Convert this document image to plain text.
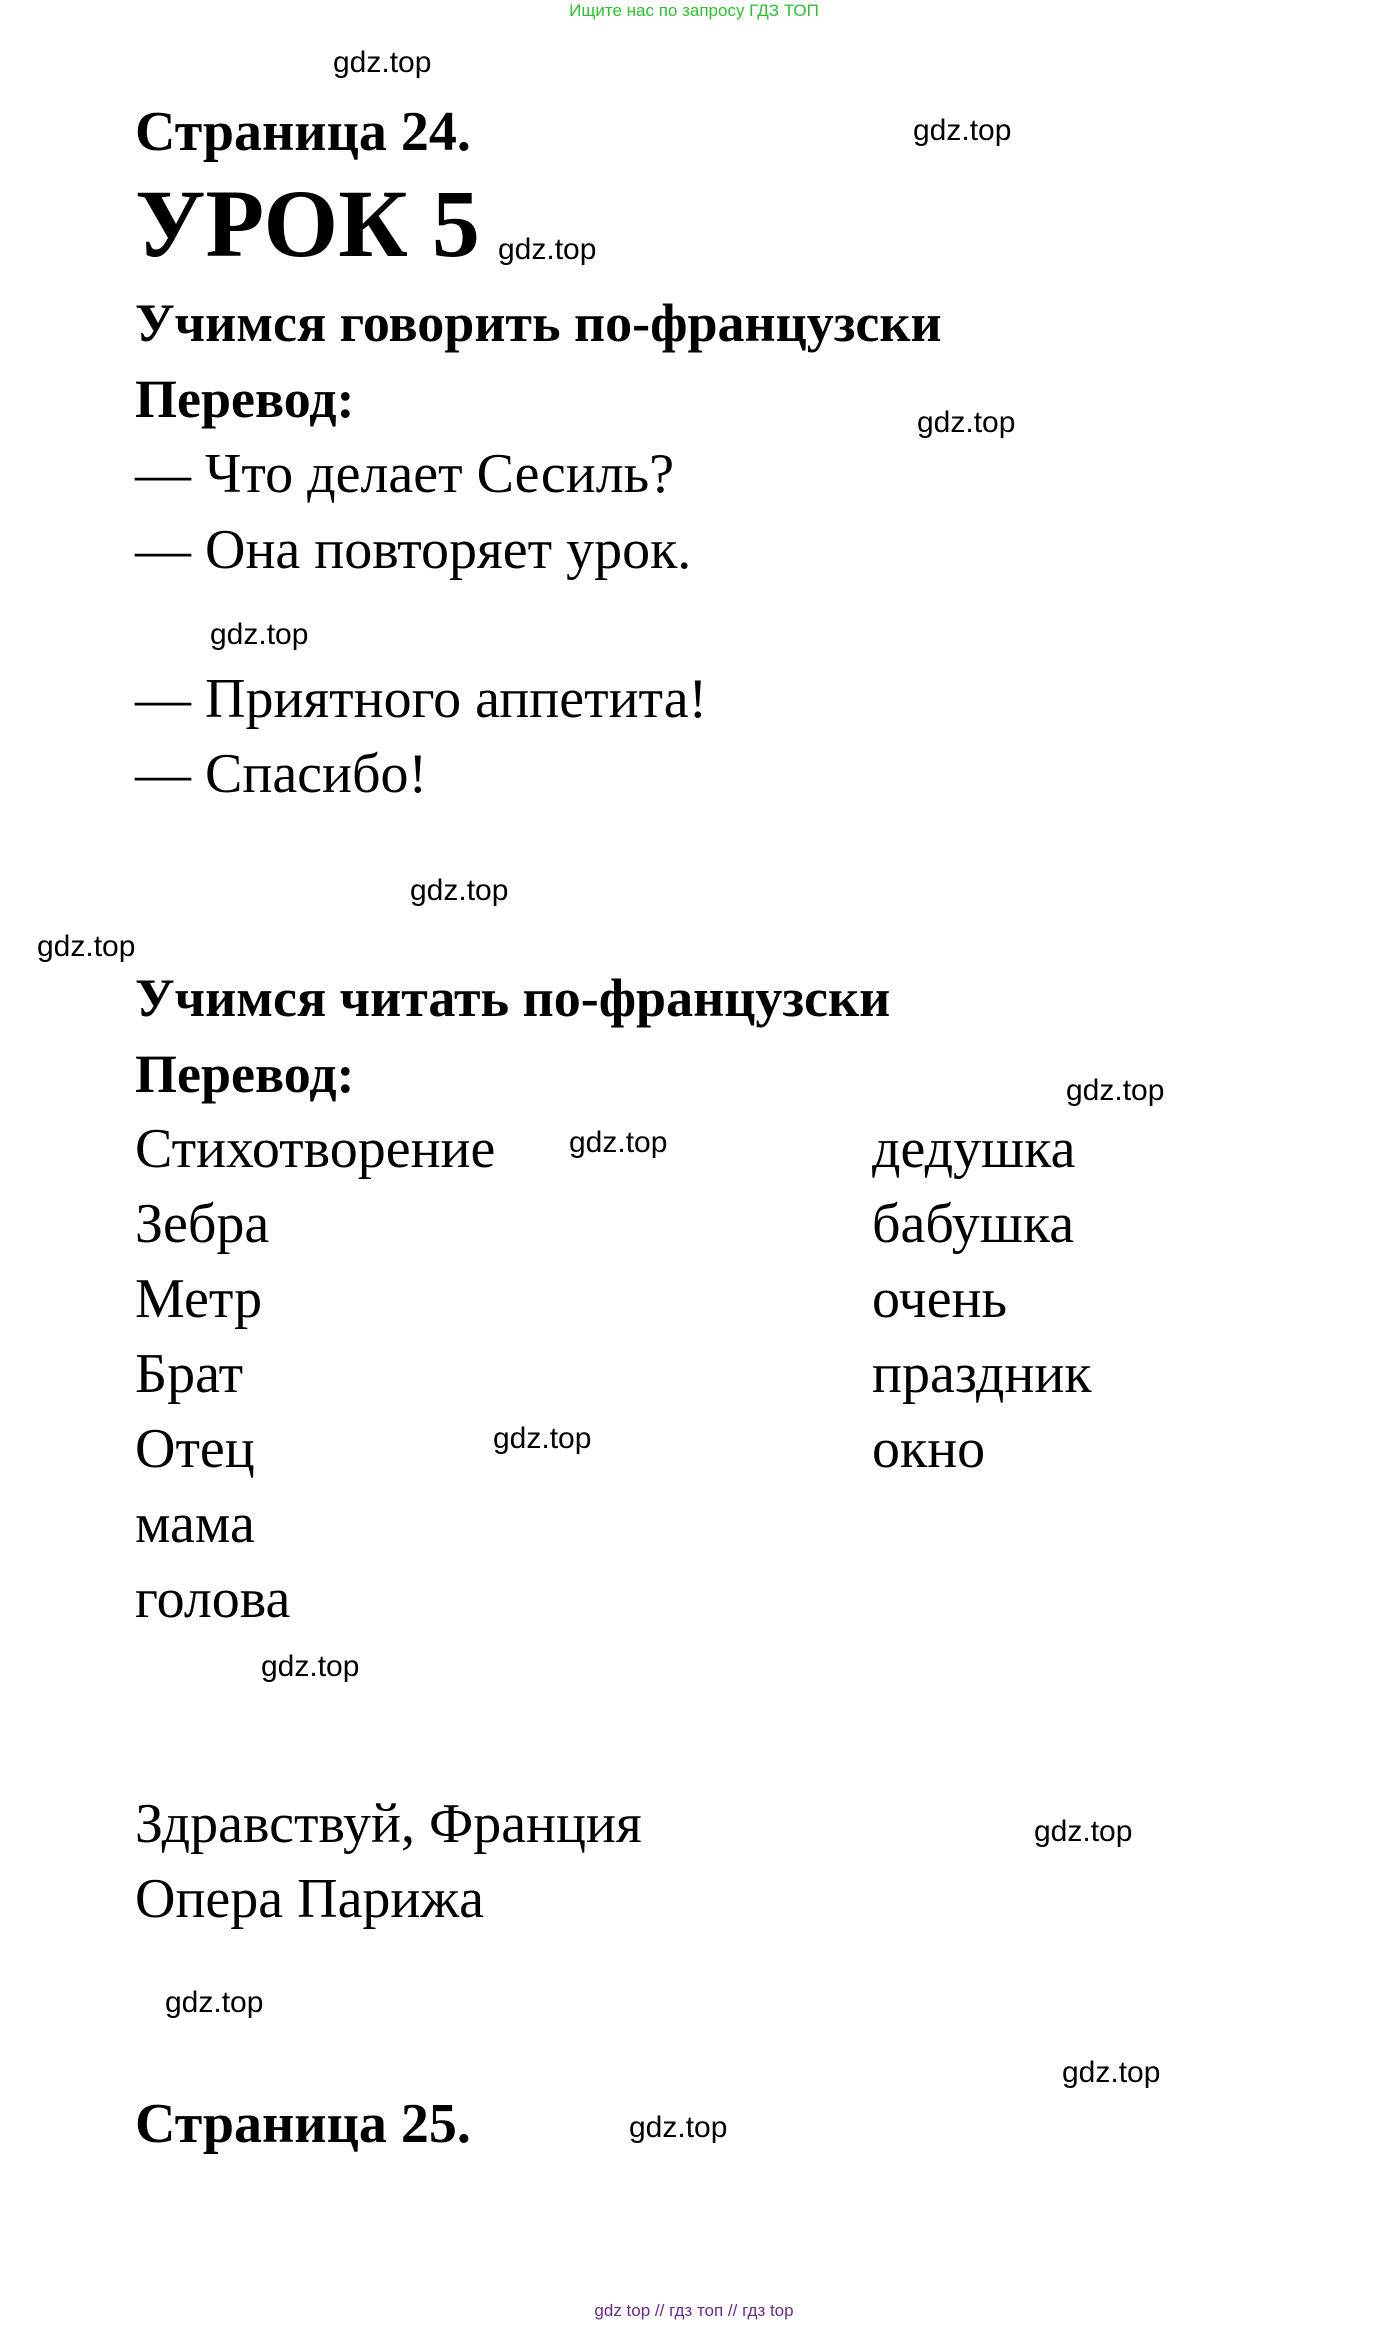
Ищите нас по запросу ГДЗ ТОП
Страница 24.
УРОК 5
Учимся говорить по-французски
Перевод:
— Что делает Сесиль?
— Она повторяет урок.
— Приятного аппетита!
— Спасибо!
Учимся читать по-французски
Перевод:
Стихотворение
Зебра
Метр
Брат
Отец
мама
голова
дедушка
бабушка
очень
праздник
окно
Здравствуй, Франция
Опера Парижа
Страница 25.
gdz.top
gdz.top
gdz.top
gdz.top
gdz.top
gdz.top
gdz.top
gdz.top
gdz.top
gdz.top
gdz.top
gdz.top
gdz.top
gdz.top
gdz.top
gdz top // гдз топ // гдз top
